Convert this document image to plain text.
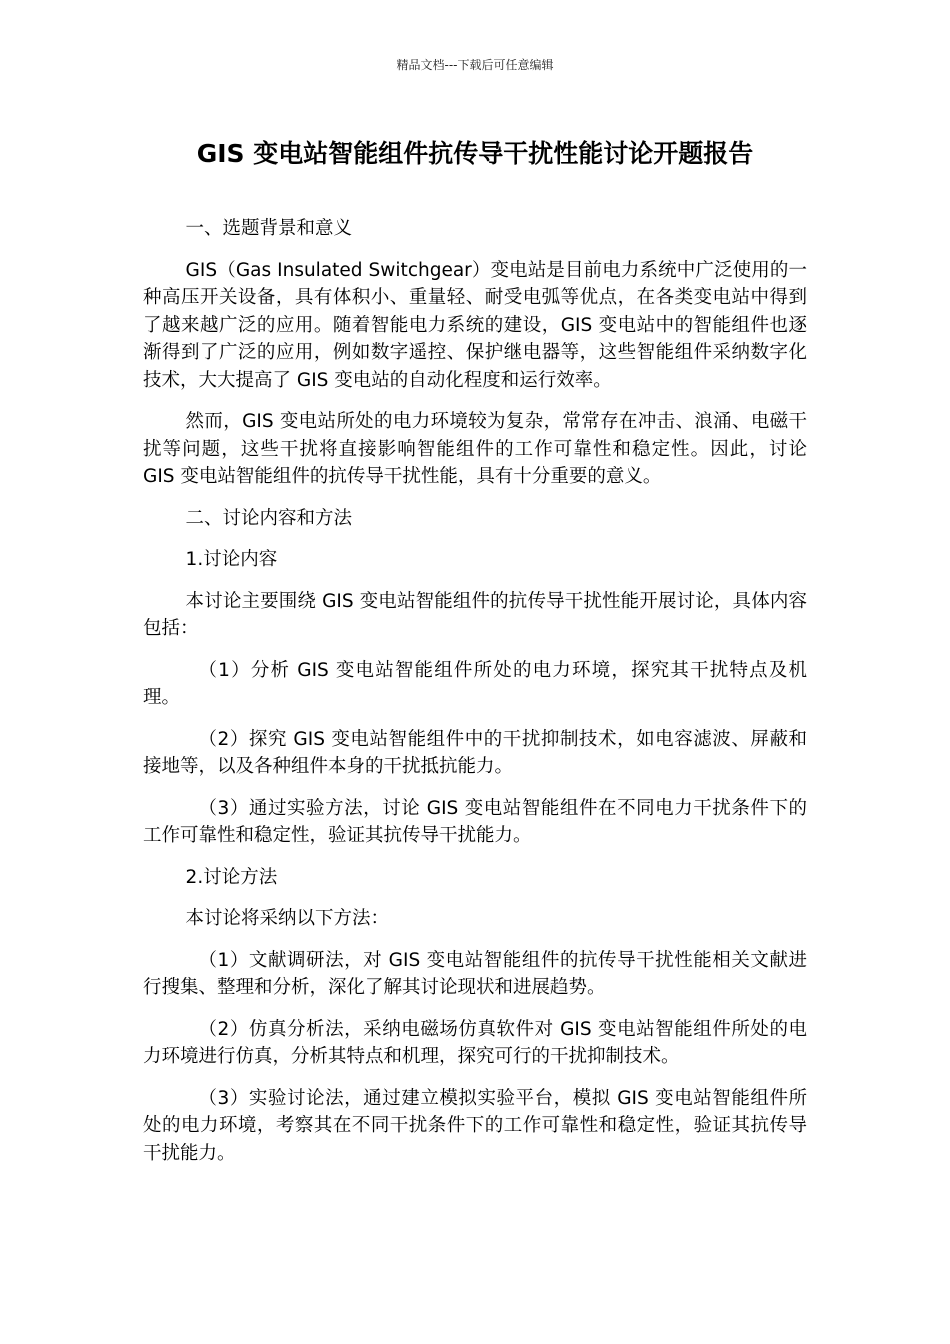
精品文档---下载后可任意编辑
GIS 变电站智能组件抗传导干扰性能讨论开题报告

一、选题背景和意义

GIS（Gas Insulated Switchgear）变电站是目前电力系统中广泛使用的一种高压开关设备，具有体积小、重量轻、耐受电弧等优点，在各类变电站中得到了越来越广泛的应用。随着智能电力系统的建设，GIS 变电站中的智能组件也逐渐得到了广泛的应用，例如数字遥控、保护继电器等，这些智能组件采纳数字化技术，大大提高了 GIS 变电站的自动化程度和运行效率。

然而，GIS 变电站所处的电力环境较为复杂，常常存在冲击、浪涌、电磁干扰等问题，这些干扰将直接影响智能组件的工作可靠性和稳定性。因此，讨论 GIS 变电站智能组件的抗传导干扰性能，具有十分重要的意义。

二、讨论内容和方法

1.讨论内容

本讨论主要围绕 GIS 变电站智能组件的抗传导干扰性能开展讨论，具体内容包括：

（1）分析 GIS 变电站智能组件所处的电力环境，探究其干扰特点及机理。

（2）探究 GIS 变电站智能组件中的干扰抑制技术，如电容滤波、屏蔽和接地等，以及各种组件本身的干扰抵抗能力。

（3）通过实验方法，讨论 GIS 变电站智能组件在不同电力干扰条件下的工作可靠性和稳定性，验证其抗传导干扰能力。

2.讨论方法

本讨论将采纳以下方法：

（1）文献调研法，对 GIS 变电站智能组件的抗传导干扰性能相关文献进行搜集、整理和分析，深化了解其讨论现状和进展趋势。

（2）仿真分析法，采纳电磁场仿真软件对 GIS 变电站智能组件所处的电力环境进行仿真，分析其特点和机理，探究可行的干扰抑制技术。

（3）实验讨论法，通过建立模拟实验平台，模拟 GIS 变电站智能组件所处的电力环境，考察其在不同干扰条件下的工作可靠性和稳定性，验证其抗传导干扰能力。
